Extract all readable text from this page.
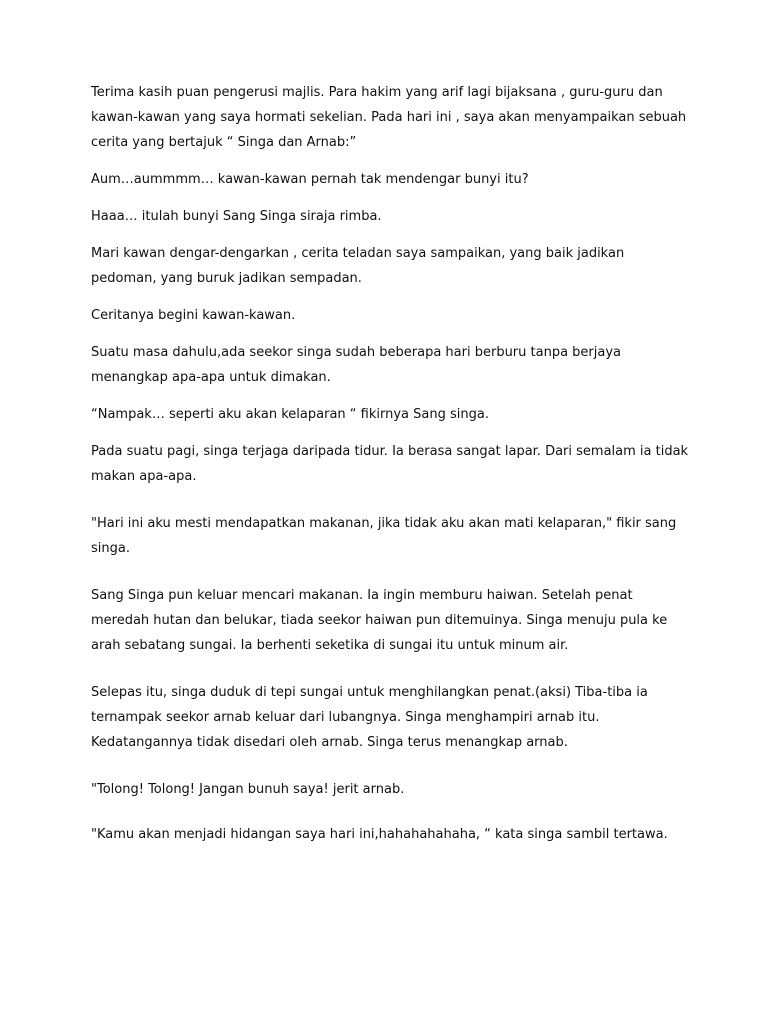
Terima kasih puan pengerusi majlis. Para hakim yang arif lagi bijaksana , guru-guru dan kawan-kawan yang saya hormati sekelian. Pada hari ini , saya akan menyampaikan sebuah cerita yang bertajuk “ Singa dan Arnab:”

Aum…aummmm… kawan-kawan pernah tak mendengar bunyi itu?

Haaa… itulah bunyi Sang Singa siraja rimba.

Mari kawan dengar-dengarkan , cerita teladan saya sampaikan, yang baik jadikan pedoman, yang buruk jadikan sempadan.

Ceritanya begini kawan-kawan.

Suatu masa dahulu,ada seekor singa sudah beberapa hari berburu tanpa berjaya menangkap apa-apa untuk dimakan.

“Nampak… seperti aku akan kelaparan “ fikirnya Sang singa.

Pada suatu pagi, singa terjaga daripada tidur. Ia berasa sangat lapar. Dari semalam ia tidak makan apa-apa.

"Hari ini aku mesti mendapatkan makanan, jika tidak aku akan mati kelaparan," fikir sang singa.

Sang Singa pun keluar mencari makanan. Ia ingin memburu haiwan. Setelah penat meredah hutan dan belukar, tiada seekor haiwan pun ditemuinya. Singa menuju pula ke arah sebatang sungai. Ia berhenti seketika di sungai itu untuk minum air.

Selepas itu, singa duduk di tepi sungai untuk menghilangkan penat.(aksi) Tiba-tiba ia ternampak seekor arnab keluar dari lubangnya. Singa menghampiri arnab itu. Kedatangannya tidak disedari oleh arnab. Singa terus menangkap arnab.

"Tolong! Tolong! Jangan bunuh saya! jerit arnab.

"Kamu akan menjadi hidangan saya hari ini,hahahahahaha, “ kata singa sambil tertawa.
